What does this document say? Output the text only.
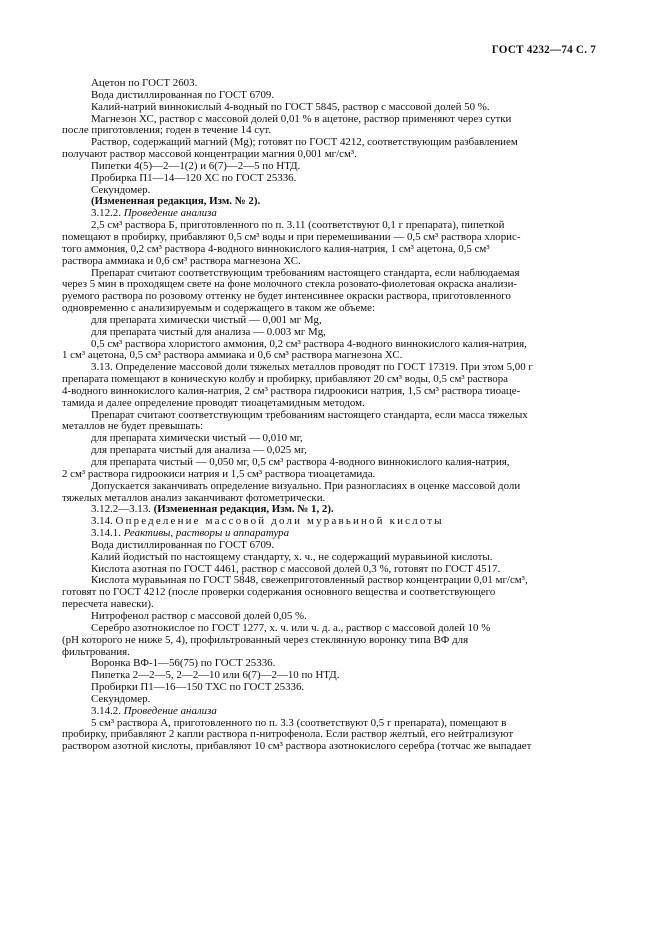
ГОСТ 4232—74 С. 7
Ацетон по ГОСТ 2603.
Вода дистиллированная по ГОСТ 6709.
Калий-натрий виннокислый 4-водный по ГОСТ 5845, раствор с массовой долей 50 %.
Магнезон ХС, раствор с массовой долей 0,01 % в ацетоне, раствор применяют через сутки
после приготовления; годен в течение 14 сут.
Раствор, содержащий магний (Mg); готовят по ГОСТ 4212, соответствующим разбавлением
получают раствор массовой концентрации магния 0,001 мг/см³.
Пипетки 4(5)—2—1(2) и 6(7)—2—5 по НТД.
Пробирка П1—14—120 ХС по ГОСТ 25336.
Секундомер.
(Измененная редакция, Изм. № 2).
3.12.2. Проведение анализа
2,5 см³ раствора Б, приготовленного по п. 3.11 (соответствуют 0,1 г препарата), пипеткой
помещают в пробирку, прибавляют 0,5 см³ воды и при перемешивании — 0,5 см³ раствора хлорис-
того аммония, 0,2 см³ раствора 4-водного виннокислого калия-натрия, 1 см³ ацетона, 0,5 см³
раствора аммиака и 0,6 см³ раствора магнезона ХС.
Препарат считают соответствующим требованиям настоящего стандарта, если наблюдаемая
через 5 мин в проходящем свете на фоне молочного стекла розовато-фиолетовая окраска анализи-
руемого раствора по розовому оттенку не будет интенсивнее окраски раствора, приготовленного
одновременно с анализируемым и содержащего в таком же объеме:
для препарата химически чистый — 0,001 мг Mg,
для препарата чистый для анализа — 0.003 мг Mg,
0,5 см³ раствора хлористого аммония, 0,2 см³ раствора 4-водного виннокислого калия-натрия,
1 см³ ацетона, 0,5 см³ раствора аммиака и 0,6 см³ раствора магнезона ХС.
3.13. Определение массовой доли тяжелых металлов проводят по ГОСТ 17319. При этом 5,00 г
препарата помещают в коническую колбу и пробирку, прибавляют 20 см³ воды, 0,5 см³ раствора
4-водного виннокислого калия-натрия, 2 см³ раствора гидроокиси натрия, 1,5 см³ раствора тиоаце-
тамида и далее определение проводят тиоацетамидным методом.
Препарат считают соответствующим требованиям настоящего стандарта, если масса тяжелых
металлов не будет превышать:
для препарата химически чистый — 0,010 мг,
для препарата чистый для анализа — 0,025 мг,
для препарата чистый — 0,050 мг, 0,5 см³ раствора 4-водного виннокислого калия-натрия,
2 см³ раствора гидроокиси натрия и 1,5 см³ раствора тиоацетамида.
Допускается заканчивать определение визуально. При разногласиях в оценке массовой доли
тяжелых металлов анализ заканчивают фотометрически.
3.12.2—3.13. (Измененная редакция, Изм. № 1, 2).
3.14. Определение массовой доли муравьиной кислоты
3.14.1. Реактивы, растворы и аппаратура
Вода дистиллированная по ГОСТ 6709.
Калий йодистый по настоящему стандарту, х. ч., не содержащий муравьиной кислоты.
Кислота азотная по ГОСТ 4461, раствор с массовой долей 0,3 %, готовят по ГОСТ 4517.
Кислота муравьиная по ГОСТ 5848, свежеприготовленный раствор концентрации 0,01 мг/см³,
готовят по ГОСТ 4212 (после проверки содержания основного вещества и соответствующего
пересчета навески).
Нитрофенол раствор с массовой долей 0,05 %.
Серебро азотнокислое по ГОСТ 1277, х. ч. или ч. д. а., раствор с массовой долей 10 %
(pH которого не ниже 5, 4), профильтрованный через стеклянную воронку типа ВФ для
фильтрования.
Воронка ВФ-1—56(75) по ГОСТ 25336.
Пипетка 2—2—5, 2—2—10 или 6(7)—2—10 по НТД.
Пробирки П1—16—150 ТХС по ГОСТ 25336.
Секундомер.
3.14.2. Проведение анализа
5 см³ раствора А, приготовленного по п. 3.3 (соответствуют 0,5 г препарата), помещают в
пробирку, прибавляют 2 капли раствора п-нитрофенола. Если раствор желтый, его нейтрализуют
раствором азотной кислоты, прибавляют 10 см³ раствора азотнокислого серебра (тотчас же выпадает
